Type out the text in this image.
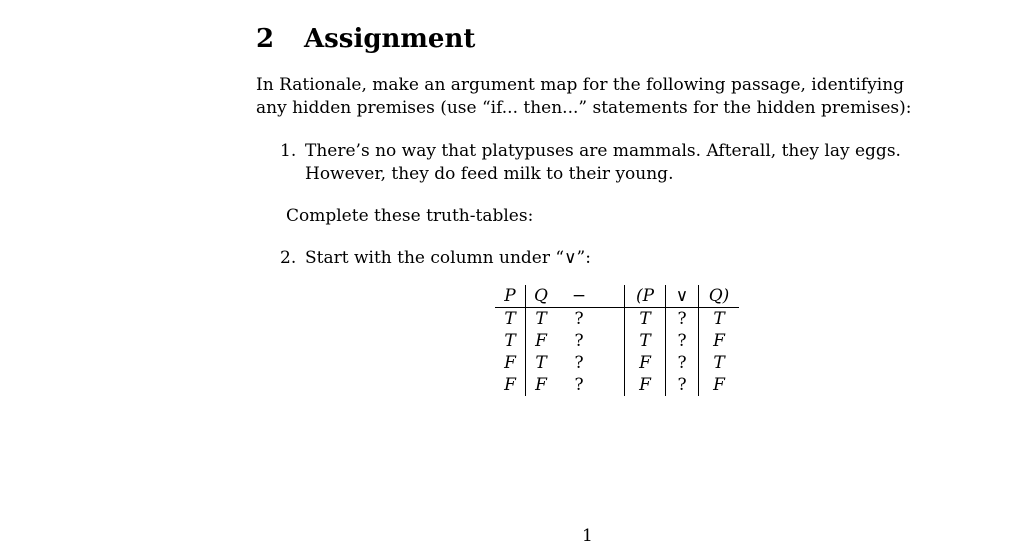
2 Assignment

In Rationale, make an argument map for the following passage, identifying any hidden premises (use “if... then...” statements for the hidden premises):

1. There’s no way that platypuses are mammals. Afterall, they lay eggs. However, they do feed milk to their young.
Complete these truth-tables:
2. Start with the column under “∨”:
P	Q	−		(P	∨	Q)
T	T	?		T	?	T
T	F	?		T	?	F
F	T	?		F	?	T
F	F	?		F	?	F
1
